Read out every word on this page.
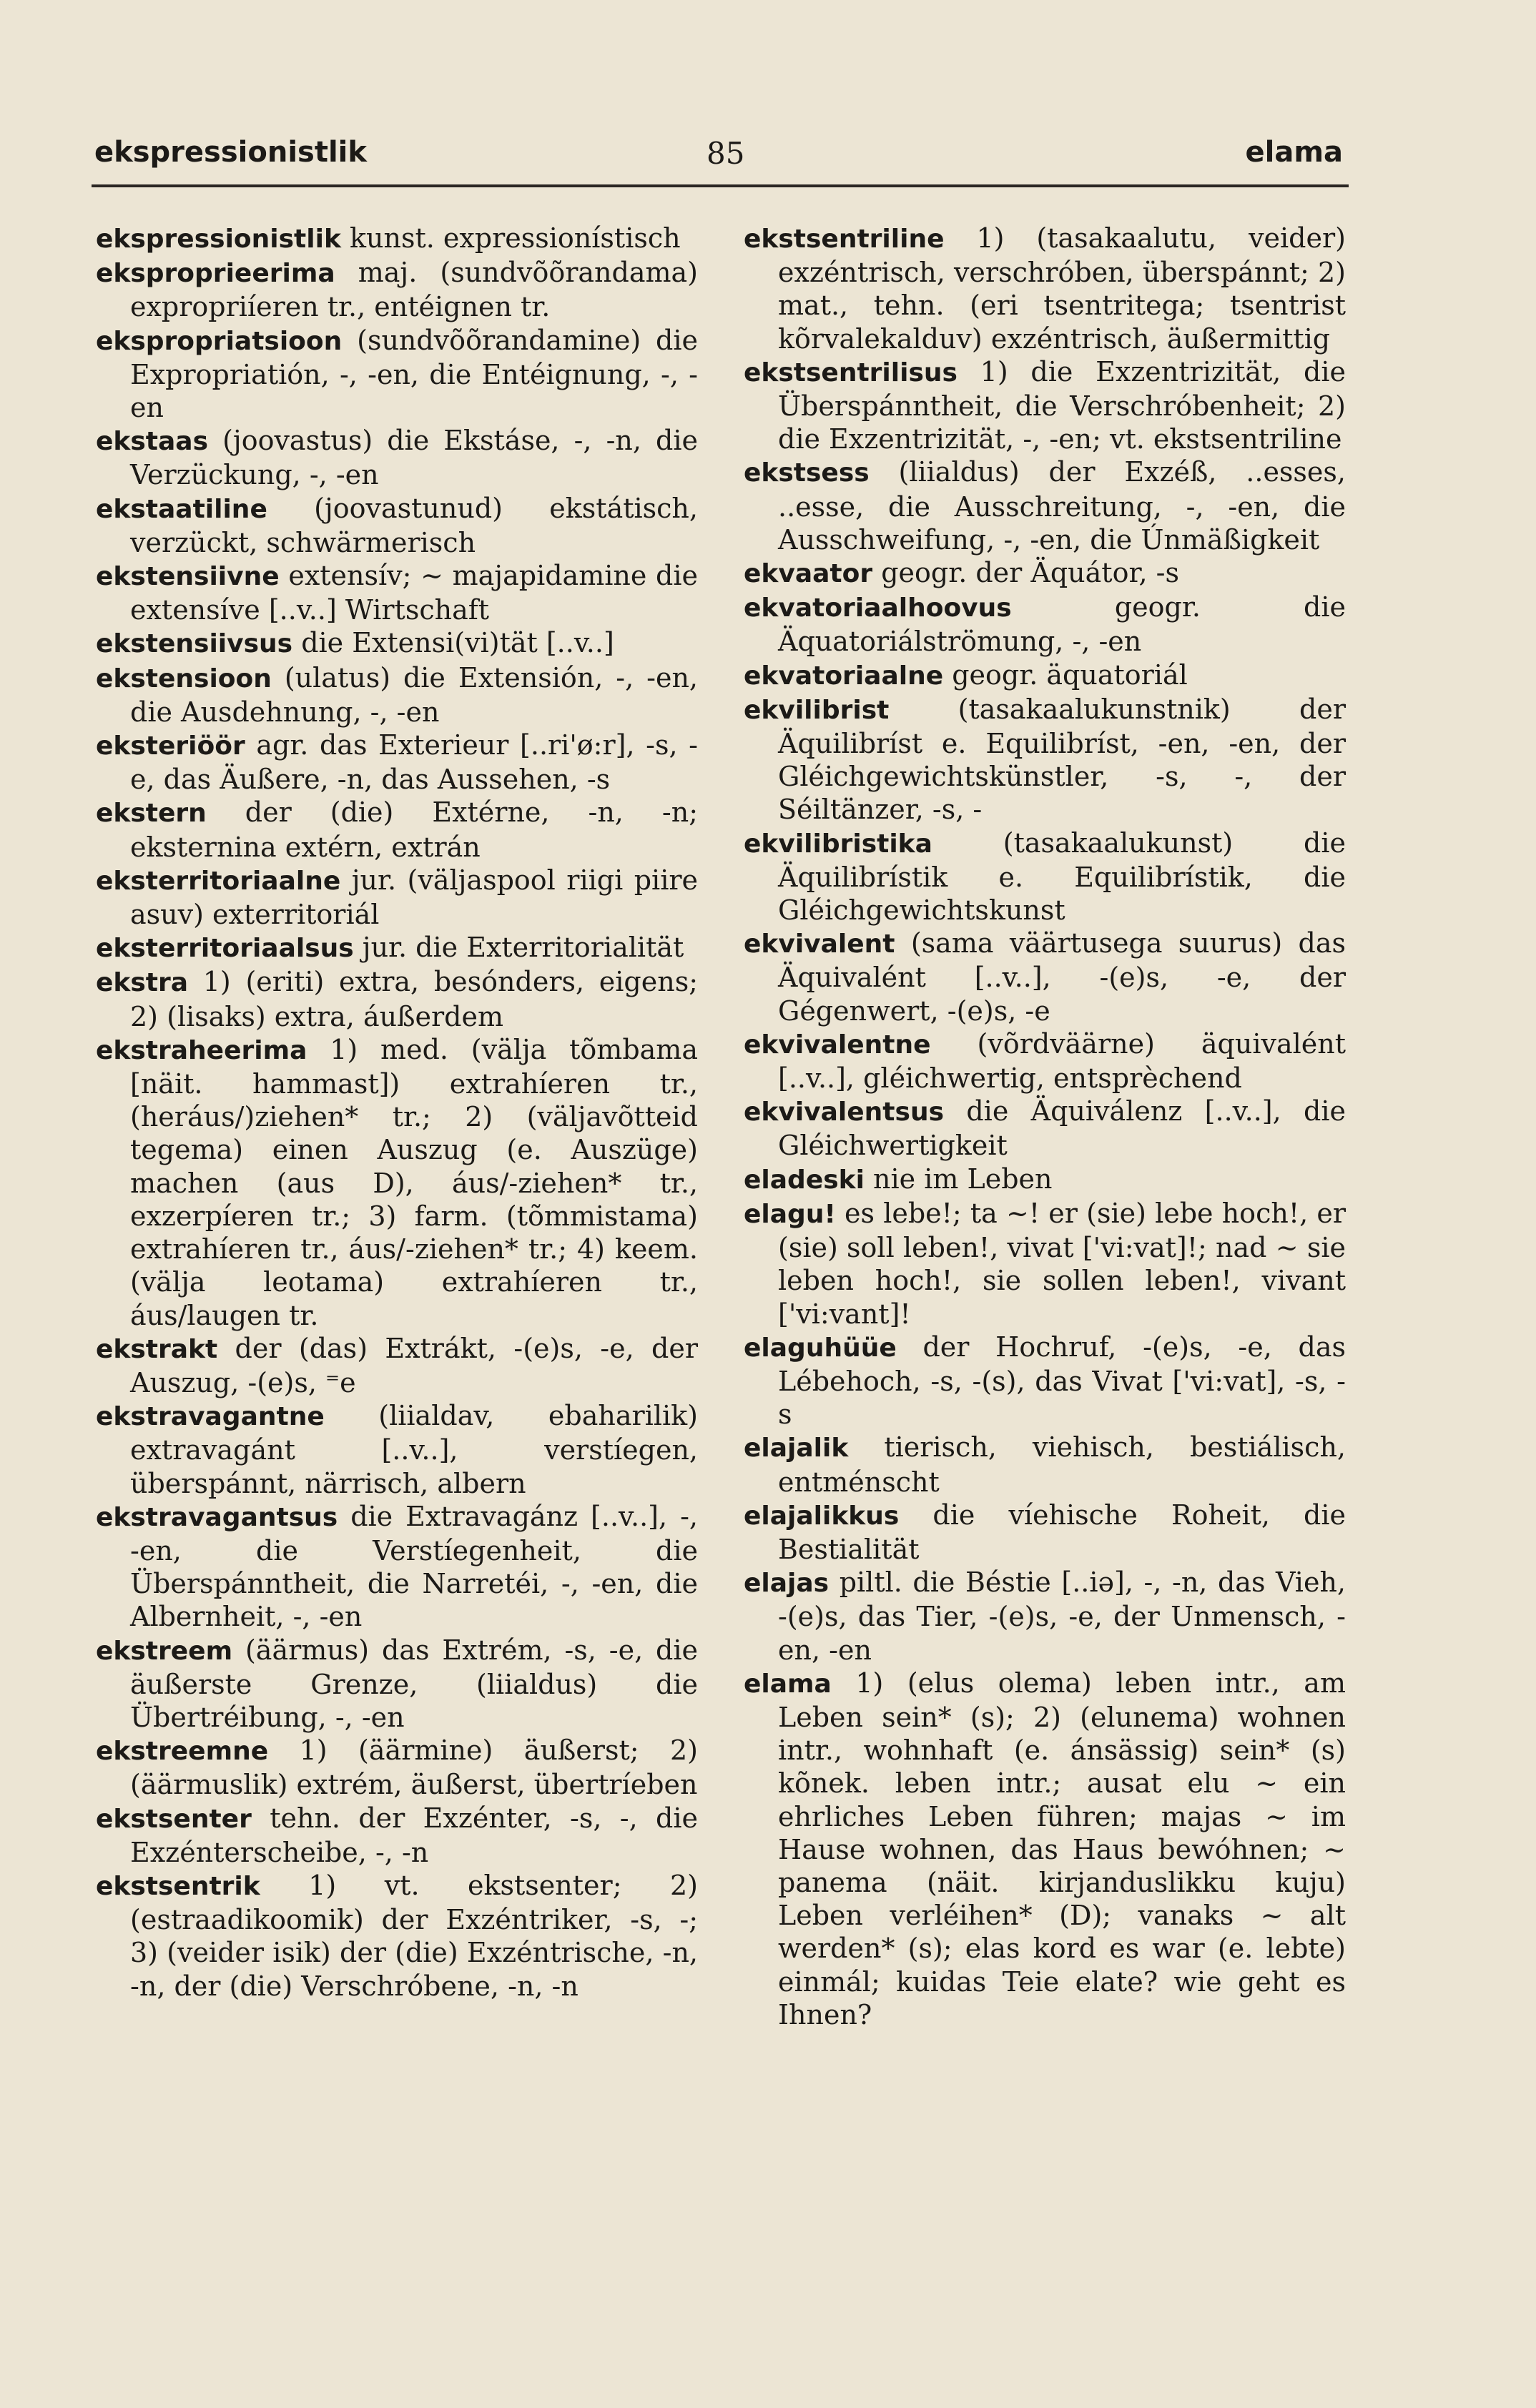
ekspressionistlik	85	elama

ekspressionistlik kunst. expressionístisch

ekspropriеerima maj. (sundvõõrandama) expropriíeren tr., entéignen tr.

ekspropriatsioon (sundvõõrandamine) die Expropriatión, -, -en, die Entéignung, -, -en

ekstaas (joovastus) die Ekstáse, -, -n, die Verzückung, -, -en

ekstaatiline (joovastunud) ekstátisch, verzückt, schwärmerisch

ekstensiivne extensív; ~ majapidamine die extensíve [..v..] Wirtschaft

ekstensiivsus die Extensi(vi)tät [..v..]

ekstensioon (ulatus) die Extensión, -, -en, die Ausdehnung, -, -en

eksteriöör agr. das Exterieur [..ri'ø:r], -s, -e, das Äußere, -n, das Aussehen, -s

ekstern der (die) Extérne, -n, -n; eksternina extérn, extrán

eksterritoriaalne jur. (väljaspool riigi piire asuv) exterritoriál

eksterritoriaalsus jur. die Exterritorialität

ekstra 1) (eriti) extra, besónders, eigens; 2) (lisaks) extra, áußerdem

ekstraheerima 1) med. (välja tõmbama [näit. hammast]) extrahíeren tr., (heráus/)ziehen* tr.; 2) (väljavõtteid tegema) einen Auszug (e. Auszüge) machen (aus D), áus/-ziehen* tr., exzerpíeren tr.; 3) farm. (tõmmistama) extrahíeren tr., áus/-ziehen* tr.; 4) keem. (välja leotama) extrahíeren tr., áus/laugen tr.

ekstrakt der (das) Extrákt, -(e)s, -e, der Auszug, -(e)s, ⁼e

ekstravagantne (liialdav, ebaharilik) extravagánt [..v..], verstíegen, überspánnt, närrisch, albern

ekstravagantsus die Extravagánz [..v..], -, -en, die Verstíegenheit, die Überspánntheit, die Narretéi, -, -en, die Albernheit, -, -en

ekstreem (äärmus) das Extrém, -s, -e, die äußerste Grenze, (liialdus) die Übertréibung, -, -en

ekstreemne 1) (äärmine) äußerst; 2) (äärmuslik) extrém, äußerst, übertríeben

ekstsenter tehn. der Exzénter, -s, -, die Exzénterscheibe, -, -n

ekstsentrik 1) vt. ekstsenter; 2) (estraadikoomik) der Exzéntriker, -s, -; 3) (veider isik) der (die) Exzéntrische, -n, -n, der (die) Verschróbene, -n, -n

ekstsentriline 1) (tasakaalutu, veider) exzéntrisch, verschróben, überspánnt; 2) mat., tehn. (eri tsentritega; tsentrist kõrvalekalduv) exzéntrisch, äußermittig

ekstsentrilisus 1) die Exzentrizität, die Überspánntheit, die Verschróbenheit; 2) die Exzentrizität, -, -en; vt. ekstsentriline

ekstsess (liialdus) der Exzéß, ..esses, ..esse, die Ausschreitung, -, -en, die Ausschweifung, -, -en, die Únmäßigkeit

ekvaator geogr. der Äquátor, -s

ekvatoriaalhoovus geogr. die Äquatoriálströmung, -, -en

ekvatoriaalne geogr. äquatoriál

ekvilibrist (tasakaalukunstnik) der Äquilibríst e. Equilibríst, -en, -en, der Gléichgewichtskünstler, -s, -, der Séiltänzer, -s, -

ekvilibristika (tasakaalukunst) die Äquilibrístik e. Equilibrístik, die Gléichgewichtskunst

ekvivalent (sama väärtusega suurus) das Äquivalént [..v..], -(e)s, -e, der Gégenwert, -(e)s, -e

ekvivalentne (võrdväärne) äquivalént [..v..], gléichwertig, entsprèchend

ekvivalentsus die Äquiválenz [..v..], die Gléichwertigkeit

eladeski nie im Leben

elagu! es lebe!; ta ~! er (sie) lebe hoch!, er (sie) soll leben!, vivat ['vi:vat]!; nad ~ sie leben hoch!, sie sollen leben!, vivant ['vi:vant]!

elaguhüüe der Hochruf, -(e)s, -e, das Lébehoch, -s, -(s), das Vivat ['vi:vat], -s, -s

elajalik tierisch, viehisch, bestiálisch, entménscht

elajalikkus die víehische Roheit, die Bestialität

elajas piltl. die Béstie [..iə], -, -n, das Vieh, -(e)s, das Tier, -(e)s, -e, der Unmensch, -en, -en

elama 1) (elus olema) leben intr., am Leben sein* (s); 2) (elunema) wohnen intr., wohnhaft (e. ánsässig) sein* (s) kõnek. leben intr.; ausat elu ~ ein ehrliches Leben führen; majas ~ im Hause wohnen, das Haus bewóhnen; ~ panema (näit. kirjanduslikku kuju) Leben verléihen* (D); vanaks ~ alt werden* (s); elas kord es war (e. lebte) einmál; kuidas Teie elate? wie geht es Ihnen?
